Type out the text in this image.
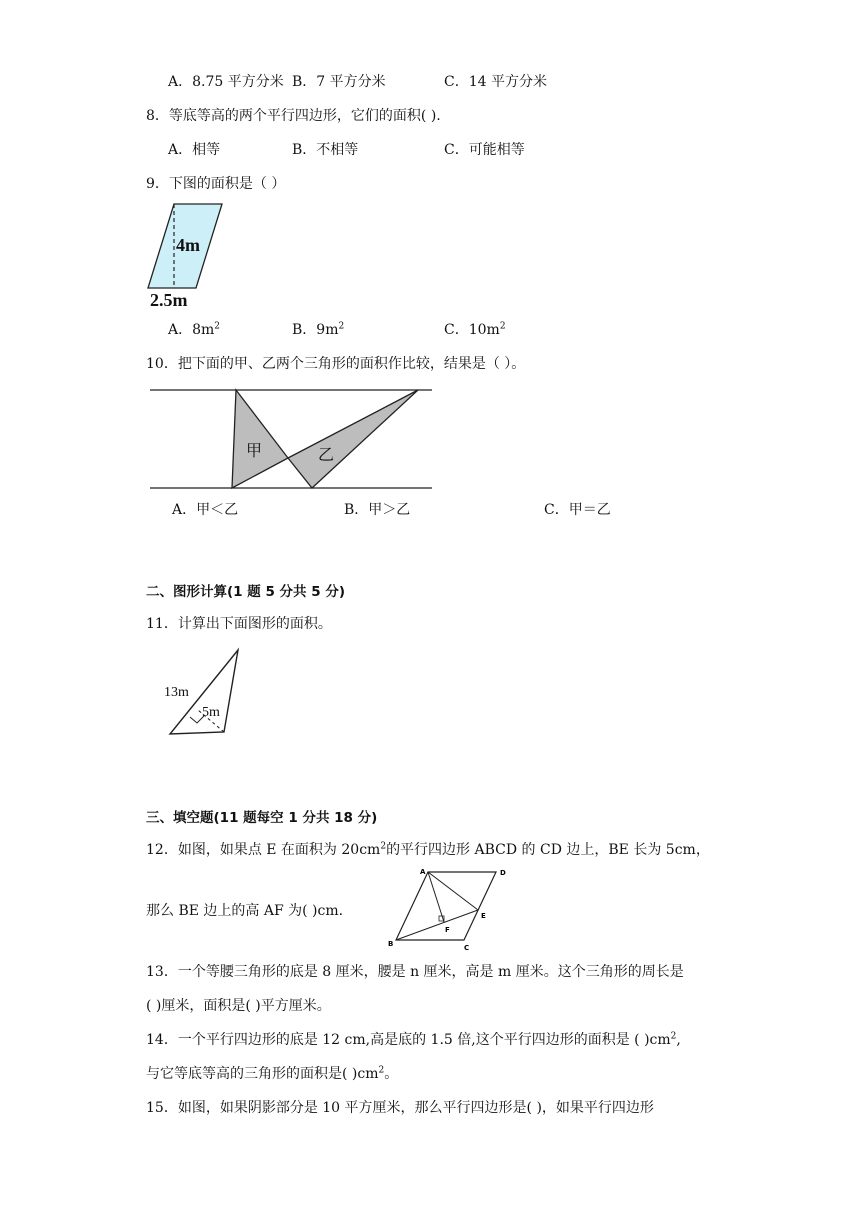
A．8.75 平方分米 B．7 平方分米	C．14 平方分米
8．等底等高的两个平行四边形，它们的面积( ).
A．相等	B．不相等	C．可能相等
9．下图的面积是（ ）
4m
2.5m
A．$8m^2$	B．$9m^2$	C．$10m^2$
10．把下面的甲、乙两个三角形的面积作比较，结果是（ ）。
甲	乙
A．甲＜乙	B．甲＞乙	C．甲＝乙
二、图形计算(1 题 5 分共 5 分)
11．计算出下面图形的面积。
13m
5m
三、填空题(11 题每空 1 分共 18 分)
12．如图，如果点 E 在面积为 $20cm^2$的平行四边形 ABCD 的 CD 边上，BE 长为 5cm，
那么 BE 边上的高 AF 为( )cm.
A	D
B	C
E
F
13．一个等腰三角形的底是 8 厘米，腰是 n 厘米，高是 m 厘米。这个三角形的周长是
( )厘米，面积是( )平方厘米。
14．一个平行四边形的底是 12 cm,高是底的 1.5 倍,这个平行四边形的面积是 ( )$cm^2$,
与它等底等高的三角形的面积是( )$cm^2$。
15．如图，如果阴影部分是 10 平方厘米，那么平行四边形是( )，如果平行四边形
